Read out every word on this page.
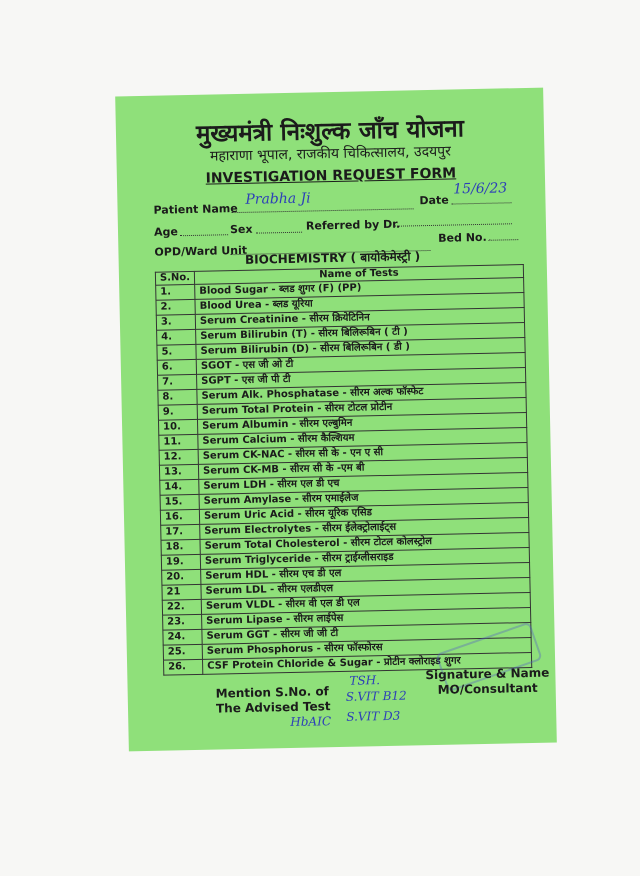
मुख्यमंत्री निःशुल्क जाँच योजना
महाराणा भूपाल, राजकीय चिकित्सालय, उदयपुर
INVESTIGATION REQUEST FORM
Patient Name
Prabha Ji	Date
15/6/23
Age	Sex	Referred by Dr.
Bed No.
OPD/Ward Unit
BIOCHEMISTRY ( बायोकेमेस्ट्री )
S.No.	Name of Tests
1.	Blood Sugar - ब्लड शुगर (F) (PP)
2.	Blood Urea - ब्लड यूरिया
3.	Serum Creatinine - सीरम क्रियेटिनिन
4.	Serum Bilirubin (T) - सीरम बिलिरूबिन ( टी )
5.	Serum Bilirubin (D) - सीरम बिलिरूबिन ( डी )
6.	SGOT - एस जी ओ टी
7.	SGPT - एस जी पी टी
8.	Serum Alk. Phosphatase - सीरम अल्क फॉस्फेट
9.	Serum Total Protein - सीरम टोटल प्रोटीन
10.	Serum Albumin - सीरम एल्बुमिन
11.	Serum Calcium - सीरम कैल्शियम
12.	Serum CK-NAC - सीरम सी के - एन ए सी
13.	Serum CK-MB - सीरम सी के -एम बी
14.	Serum LDH - सीरम एल डी एच
15.	Serum Amylase - सीरम एमाईलेज
16.	Serum Uric Acid - सीरम यूरिक एसिड
17.	Serum Electrolytes - सीरम ईलेक्ट्रोलाईट्स
18.	Serum Total Cholesterol - सीरम टोटल कोलस्ट्रोल
19.	Serum Triglyceride - सीरम ट्राईग्लीसराइड
20.	Serum HDL - सीरम एच डी एल
21	Serum LDL - सीरम एलडीएल
22.	Serum VLDL - सीरम वी एल डी एल
23.	Serum Lipase - सीरम लाईपेस
24.	Serum GGT - सीरम जी जी टी
25.	Serum Phosphorus - सीरम फॉस्फोरस
26.	CSF Protein Chloride & Sugar - प्रोटीन क्लोराइड शुगर
Mention S.No. of
The Advised Test
Signature & Name
MO/Consultant
TSH.
S.VIT B12
HbAIC S.VIT D3
